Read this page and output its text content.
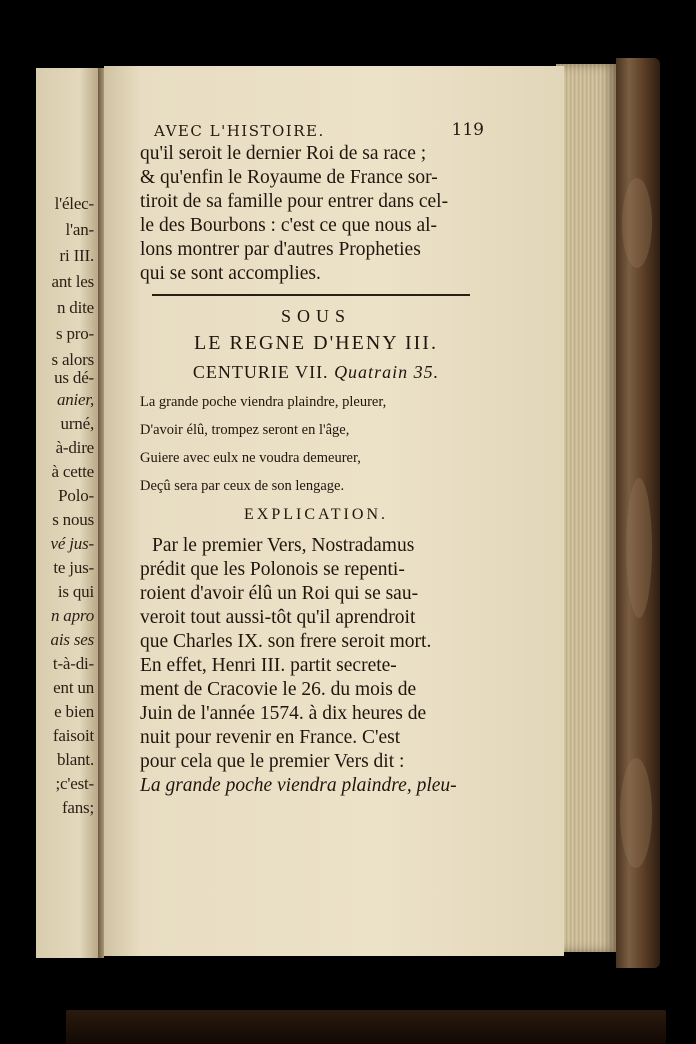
l'élec-
l'an-
ri III.
ant les
n dite
s pro-
s alors
us dé-
anier,
urné,
à-dire
à cette
Polo-
s nous
vé jus-
te jus-
is qui
n apro
ais ses
t-à-di-
ent un
e bien
faisoit
blant.
;c'est-
fans;
AVEC L'HISTOIRE.	119
qu'il seroit le dernier Roi de sa race ;
& qu'enfin le Royaume de France sor-
tiroit de sa famille pour entrer dans cel-
le des Bourbons : c'est ce que nous al-
lons montrer par d'autres Propheties
qui se sont accomplies.
SOUS
LE REGNE D'HENY III.
CENTURIE VII. Quatrain 35.
La grande poche viendra plaindre, pleurer,
D'avoir élû, trompez seront en l'âge,
Guiere avec eulx ne voudra demeurer,
Deçû sera par ceux de son lengage.
EXPLICATION.
Par le premier Vers, Nostradamus
prédit que les Polonois se repenti-
roient d'avoir élû un Roi qui se sau-
veroit tout aussi-tôt qu'il aprendroit
que Charles IX. son frere seroit mort.
En effet, Henri III. partit secrete-
ment de Cracovie le 26. du mois de
Juin de l'année 1574. à dix heures de
nuit pour revenir en France. C'est
pour cela que le premier Vers dit :
La grande poche viendra plaindre, pleu-
